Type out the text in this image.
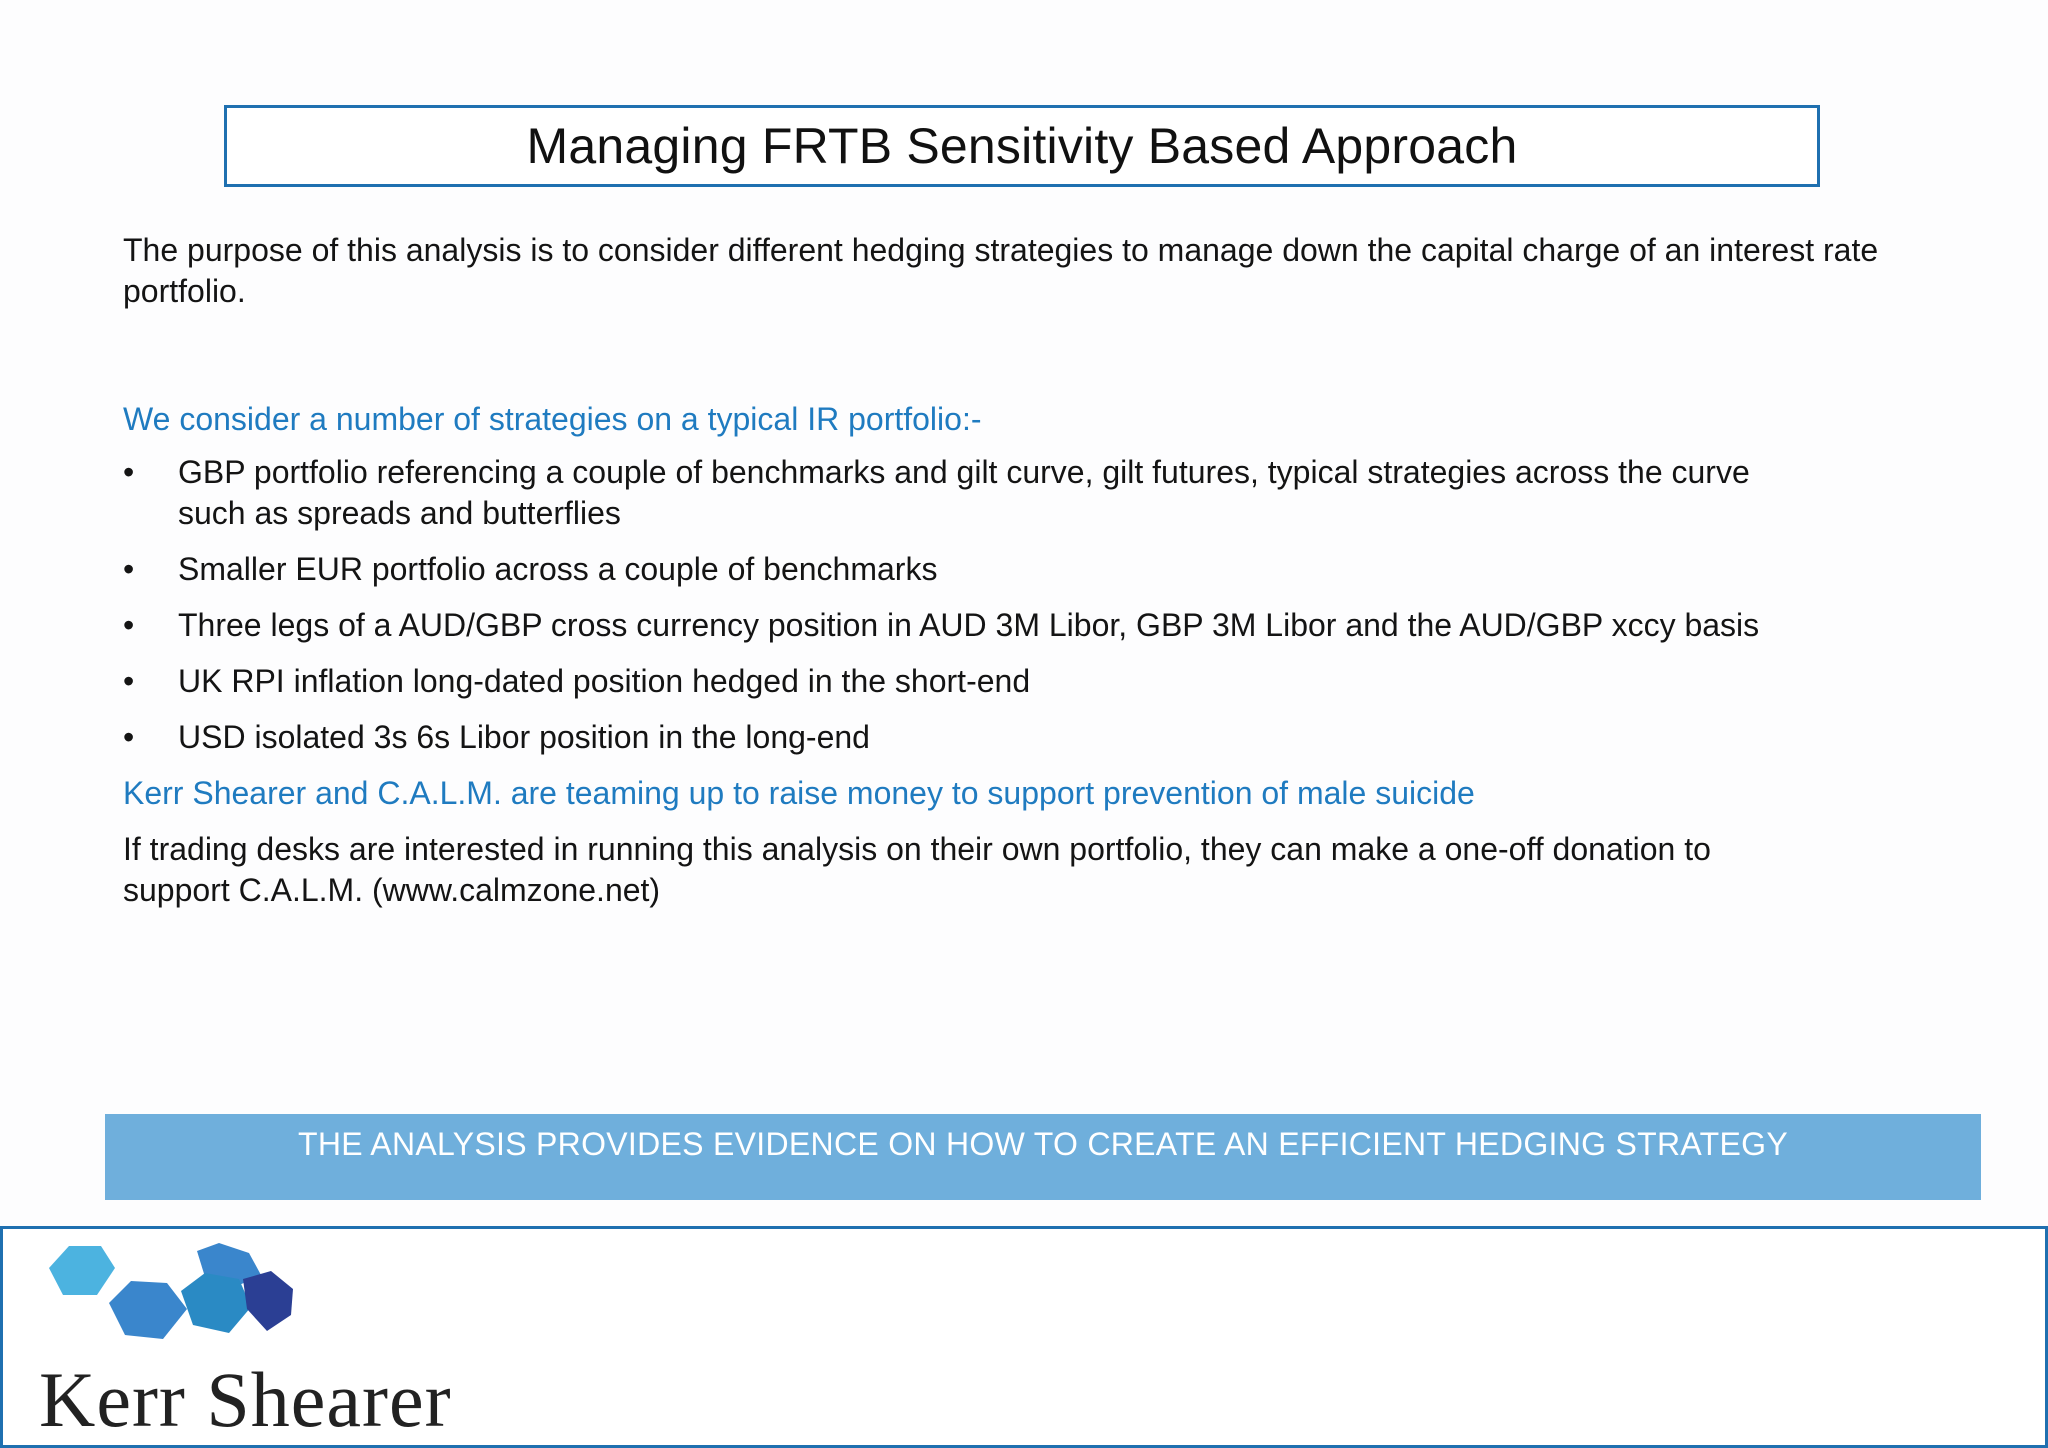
Managing FRTB Sensitivity Based Approach

The purpose of this analysis is to consider different hedging strategies to manage down the capital charge of an interest rate portfolio.

We consider a number of strategies on a typical IR portfolio:-

• GBP portfolio referencing a couple of benchmarks and gilt curve, gilt futures, typical strategies across the curve such as spreads and butterflies
• Smaller EUR portfolio across a couple of benchmarks
• Three legs of a AUD/GBP cross currency position in AUD 3M Libor, GBP 3M Libor and the AUD/GBP xccy basis
• UK RPI inflation long-dated position hedged in the short-end
• USD isolated 3s 6s Libor position in the long-end

Kerr Shearer and C.A.L.M. are teaming up to raise money to support prevention of male suicide

If trading desks are interested in running this analysis on their own portfolio, they can make a one-off donation to support C.A.L.M. (www.calmzone.net)

THE ANALYSIS PROVIDES EVIDENCE ON HOW TO CREATE AN EFFICIENT HEDGING STRATEGY
Kerr Shearer
